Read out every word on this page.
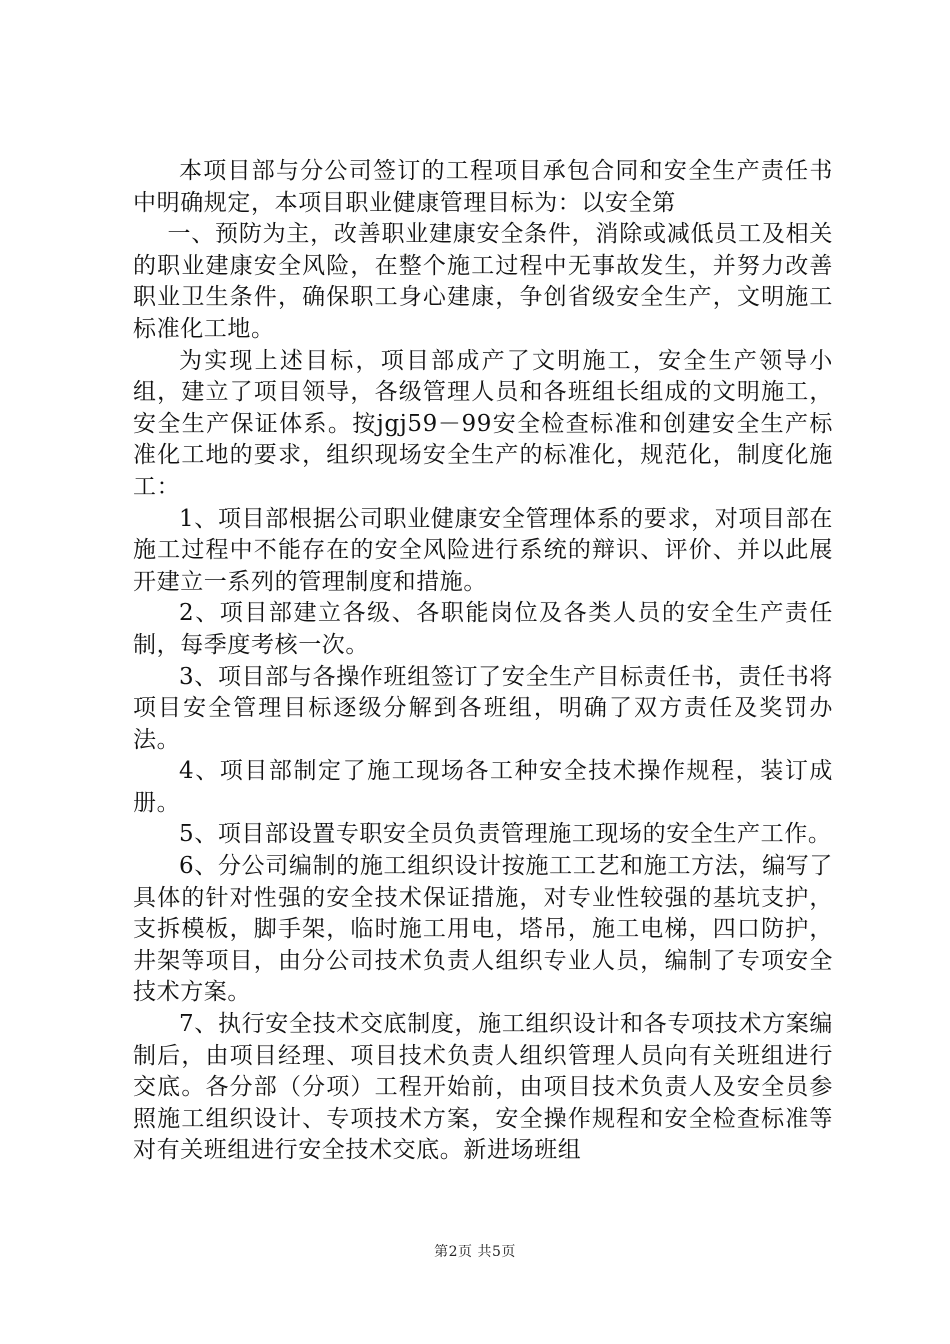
本项目部与分公司签订的工程项目承包合同和安全生产责任书中明确规定，本项目职业健康管理目标为：以安全第

一、预防为主，改善职业建康安全条件，消除或减低员工及相关的职业建康安全风险，在整个施工过程中无事故发生，并努力改善职业卫生条件，确保职工身心建康，争创省级安全生产，文明施工标准化工地。

为实现上述目标，项目部成产了文明施工，安全生产领导小组，建立了项目领导，各级管理人员和各班组长组成的文明施工，安全生产保证体系。按jgj59－99安全检查标准和创建安全生产标准化工地的要求，组织现场安全生产的标准化，规范化，制度化施工：

1、项目部根据公司职业健康安全管理体系的要求，对项目部在施工过程中不能存在的安全风险进行系统的辩识、评价、并以此展开建立一系列的管理制度和措施。

2、项目部建立各级、各职能岗位及各类人员的安全生产责任制，每季度考核一次。

3、项目部与各操作班组签订了安全生产目标责任书，责任书将项目安全管理目标逐级分解到各班组，明确了双方责任及奖罚办法。

4、项目部制定了施工现场各工种安全技术操作规程，装订成册。

5、项目部设置专职安全员负责管理施工现场的安全生产工作。

6、分公司编制的施工组织设计按施工工艺和施工方法，编写了具体的针对性强的安全技术保证措施，对专业性较强的基坑支护，支拆模板，脚手架，临时施工用电，塔吊，施工电梯，四口防护，井架等项目，由分公司技术负责人组织专业人员，编制了专项安全技术方案。

7、执行安全技术交底制度，施工组织设计和各专项技术方案编制后，由项目经理、项目技术负责人组织管理人员向有关班组进行交底。各分部（分项）工程开始前，由项目技术负责人及安全员参照施工组织设计、专项技术方案，安全操作规程和安全检查标准等对有关班组进行安全技术交底。新进场班组

第2页 共5页
